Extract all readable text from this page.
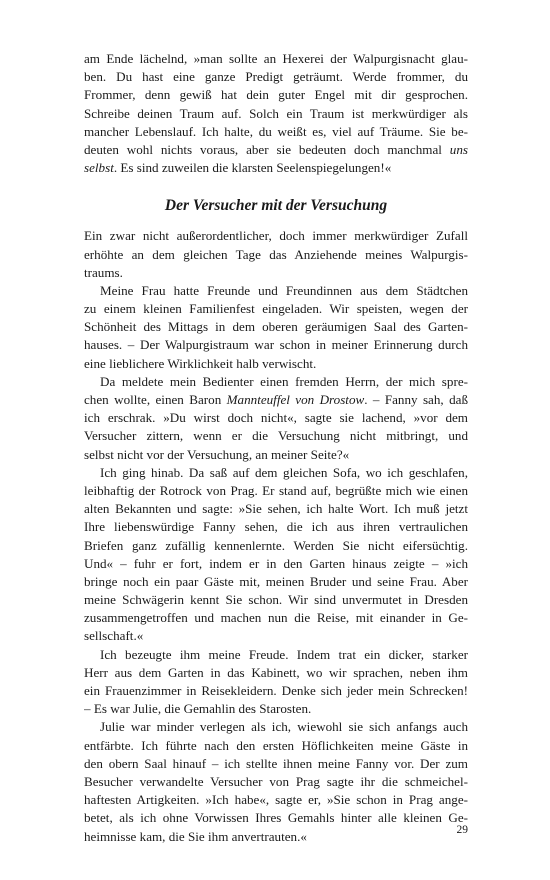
am Ende lächelnd, »man sollte an Hexerei der Walpurgisnacht glau-
ben. Du hast eine ganze Predigt geträumt. Werde frommer, du
Frommer, denn gewiß hat dein guter Engel mit dir gesprochen.
Schreibe deinen Traum auf. Solch ein Traum ist merkwürdiger als
mancher Lebenslauf. Ich halte, du weißt es, viel auf Träume. Sie be-
deuten wohl nichts voraus, aber sie bedeuten doch manchmal uns
selbst. Es sind zuweilen die klarsten Seelenspiegelungen!«
Der Versucher mit der Versuchung
Ein zwar nicht außerordentlicher, doch immer merkwürdiger Zufall
erhöhte an dem gleichen Tage das Anziehende meines Walpurgis-
traums.
Meine Frau hatte Freunde und Freundinnen aus dem Städtchen
zu einem kleinen Familienfest eingeladen. Wir speisten, wegen der
Schönheit des Mittags in dem oberen geräumigen Saal des Garten-
hauses. – Der Walpurgistraum war schon in meiner Erinnerung durch
eine lieblichere Wirklichkeit halb verwischt.
Da meldete mein Bedienter einen fremden Herrn, der mich spre-
chen wollte, einen Baron Mannteuffel von Drostow. – Fanny sah, daß
ich erschrak. »Du wirst doch nicht«, sagte sie lachend, »vor dem
Versucher zittern, wenn er die Versuchung nicht mitbringt, und
selbst nicht vor der Versuchung, an meiner Seite?«
Ich ging hinab. Da saß auf dem gleichen Sofa, wo ich geschlafen,
leibhaftig der Rotrock von Prag. Er stand auf, begrüßte mich wie einen
alten Bekannten und sagte: »Sie sehen, ich halte Wort. Ich muß jetzt
Ihre liebenswürdige Fanny sehen, die ich aus ihren vertraulichen
Briefen ganz zufällig kennenlernte. Werden Sie nicht eifersüchtig.
Und« – fuhr er fort, indem er in den Garten hinaus zeigte – »ich
bringe noch ein paar Gäste mit, meinen Bruder und seine Frau. Aber
meine Schwägerin kennt Sie schon. Wir sind unvermutet in Dresden
zusammengetroffen und machen nun die Reise, mit einander in Ge-
sellschaft.«
Ich bezeugte ihm meine Freude. Indem trat ein dicker, starker
Herr aus dem Garten in das Kabinett, wo wir sprachen, neben ihm
ein Frauenzimmer in Reisekleidern. Denke sich jeder mein Schrecken!
– Es war Julie, die Gemahlin des Starosten.
Julie war minder verlegen als ich, wiewohl sie sich anfangs auch
entfärbte. Ich führte nach den ersten Höflichkeiten meine Gäste in
den obern Saal hinauf – ich stellte ihnen meine Fanny vor. Der zum
Besucher verwandelte Versucher von Prag sagte ihr die schmeichel-
haftesten Artigkeiten. »Ich habe«, sagte er, »Sie schon in Prag ange-
betet, als ich ohne Vorwissen Ihres Gemahls hinter alle kleinen Ge-
heimnisse kam, die Sie ihm anvertrauten.«	29
